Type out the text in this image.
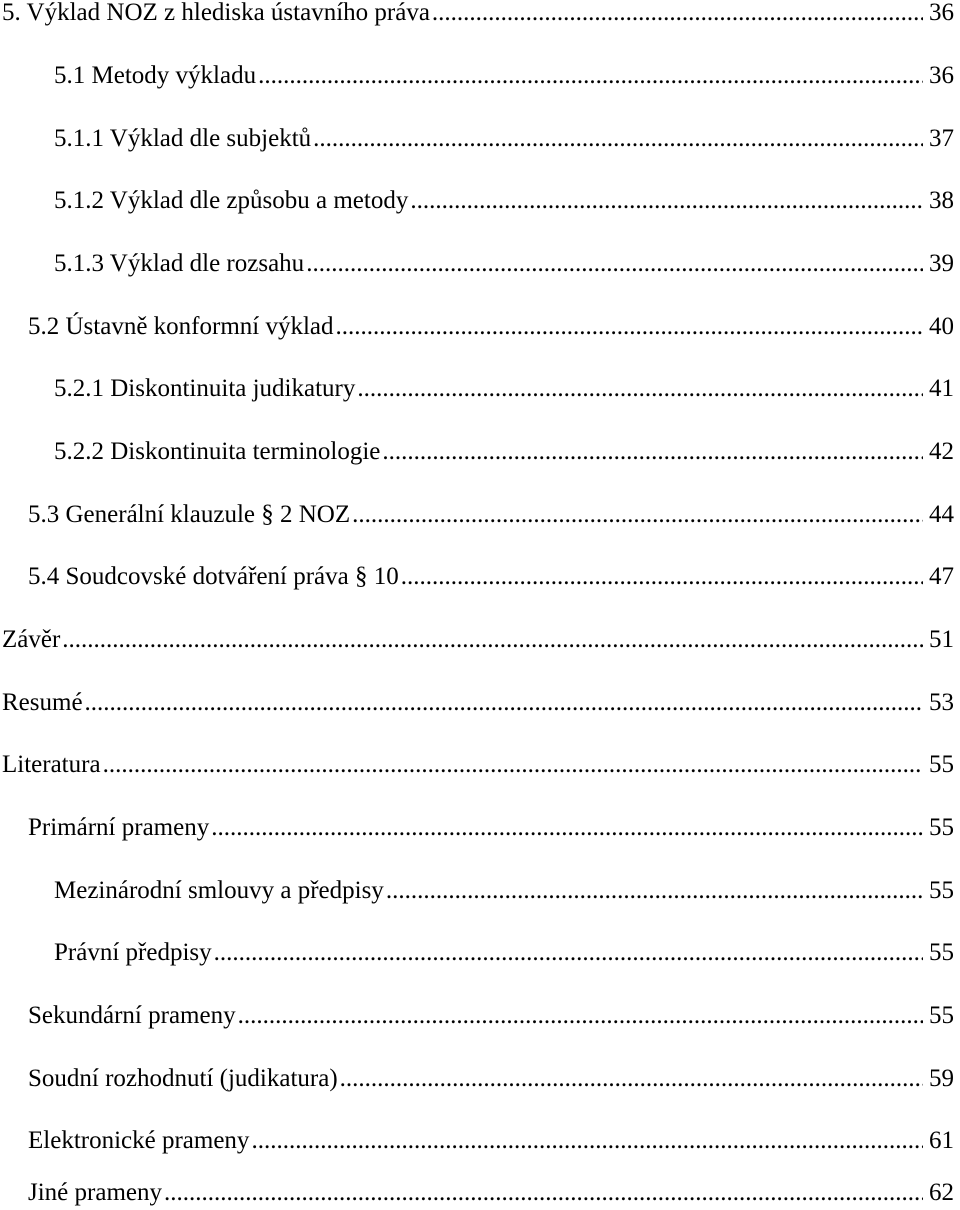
5. Výklad NOZ z hlediska ústavního práva .....	36
5.1 Metody výkladu .....	36
5.1.1 Výklad dle subjektů .....	37
5.1.2 Výklad dle způsobu a metody .....	38
5.1.3 Výklad dle rozsahu .....	39
5.2 Ústavně konformní výklad .....	40
5.2.1 Diskontinuita judikatury .....	41
5.2.2 Diskontinuita terminologie .....	42
5.3 Generální klauzule § 2 NOZ .....	44
5.4 Soudcovské dotváření práva § 10 .....	47
Závěr .....	51
Resumé .....	53
Literatura .....	55
Primární prameny .....	55
Mezinárodní smlouvy a předpisy .....	55
Právní předpisy .....	55
Sekundární prameny .....	55
Soudní rozhodnutí (judikatura) .....	59
Elektronické prameny .....	61
Jiné prameny .....	62
